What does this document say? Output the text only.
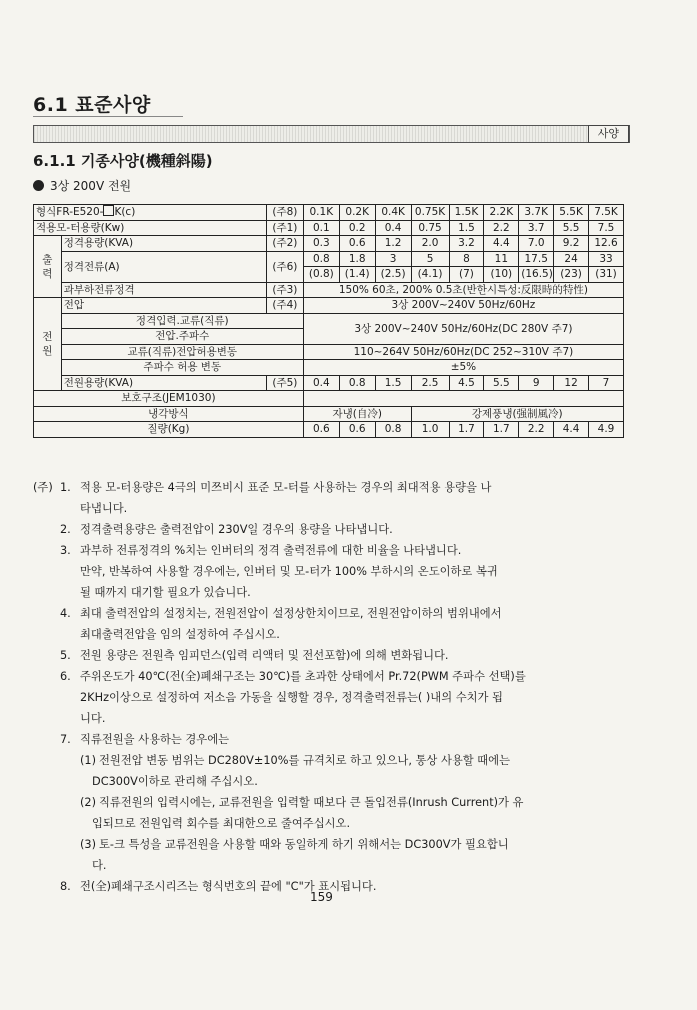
6.1 표준사양
사양
6.1.1 기종사양(機種斜陽)
3상 200V 전원
형식FR-E520- K(c)		(주8)	0.1K	0.2K	0.4K	0.75K	1.5K	2.2K	3.7K	5.5K	7.5K
적용모-터용량(Kw)		(주1)	0.1	0.2	0.4	0.75	1.5	2.2	3.7	5.5	7.5
출
력	정격용량(KVA)	(주2)	0.3	0.6	1.2	2.0	3.2	4.4	7.0	9.2	12.6
	정격전류(A)	(주6)	0.8	1.8	3	5	8	11	17.5	24	33
			(0.8)	(1.4)	(2.5)	(4.1)	(7)	(10)	(16.5)	(23)	(31)
	과부하전류정격	(주3)	150% 60초, 200% 0.5초(반한시특성:反限時的特性)								
전
원	전압	(주4)	3상 200V~240V 50Hz/60Hz								
	정격입력.교류(직류)		3상 200V~240V 50Hz/60Hz(DC 280V 주7)								
	전압.주파수										
	교류(직류)전압허용변동		110~264V 50Hz/60Hz(DC 252~310V 주7)								
	주파수 허용 변동		±5%								
	전원용량(KVA)	(주5)	0.4	0.8	1.5	2.5	4.5	5.5	9	12	7
보호구조(JEM1030)											
냉각방식			자냉(自冷)			강제풍냉(强制風冷)					
질량(Kg)			0.6	0.6	0.8	1.0	1.7	1.7	2.2	4.4	4.9
(주) 1. 적용 모-터용량은 4극의 미쯔비시 표준 모-터를 사용하는 경우의 최대적용 용량을 나
타냅니다.
2. 정격출력용량은 출력전압이 230V일 경우의 용량을 나타냅니다.
3. 과부하 전류정격의 %치는 인버터의 정격 출력전류에 대한 비율을 나타냅니다.
만약, 반복하여 사용할 경우에는, 인버터 및 모-터가 100% 부하시의 온도이하로 복귀
될 때까지 대기할 필요가 있습니다.
4. 최대 출력전압의 설정치는, 전원전압이 설정상한치이므로, 전원전압이하의 범위내에서
최대출력전압을 임의 설정하여 주십시오.
5. 전원 용량은 전원측 임피던스(입력 리액터 및 전선포함)에 의해 변화됩니다.
6. 주위온도가 40℃(전(全)폐쇄구조는 30℃)를 초과한 상태에서 Pr.72(PWM 주파수 선택)를
2KHz이상으로 설정하여 저소음 가동을 실행할 경우, 정격출력전류는( )내의 수치가 됩
니다.
7. 직류전원을 사용하는 경우에는
(1) 전원전압 변동 범위는 DC280V±10%를 규격치로 하고 있으나, 통상 사용할 때에는
DC300V이하로 관리해 주십시오.
(2) 직류전원의 입력시에는, 교류전원을 입력할 때보다 큰 돌입전류(Inrush Current)가 유
입되므로 전원입력 회수를 최대한으로 줄여주십시오.
(3) 토-크 특성을 교류전원을 사용할 때와 동일하게 하기 위해서는 DC300V가 필요합니
다.
8. 전(全)폐쇄구조시리즈는 형식번호의 끝에 "C"가 표시됩니다.
159
